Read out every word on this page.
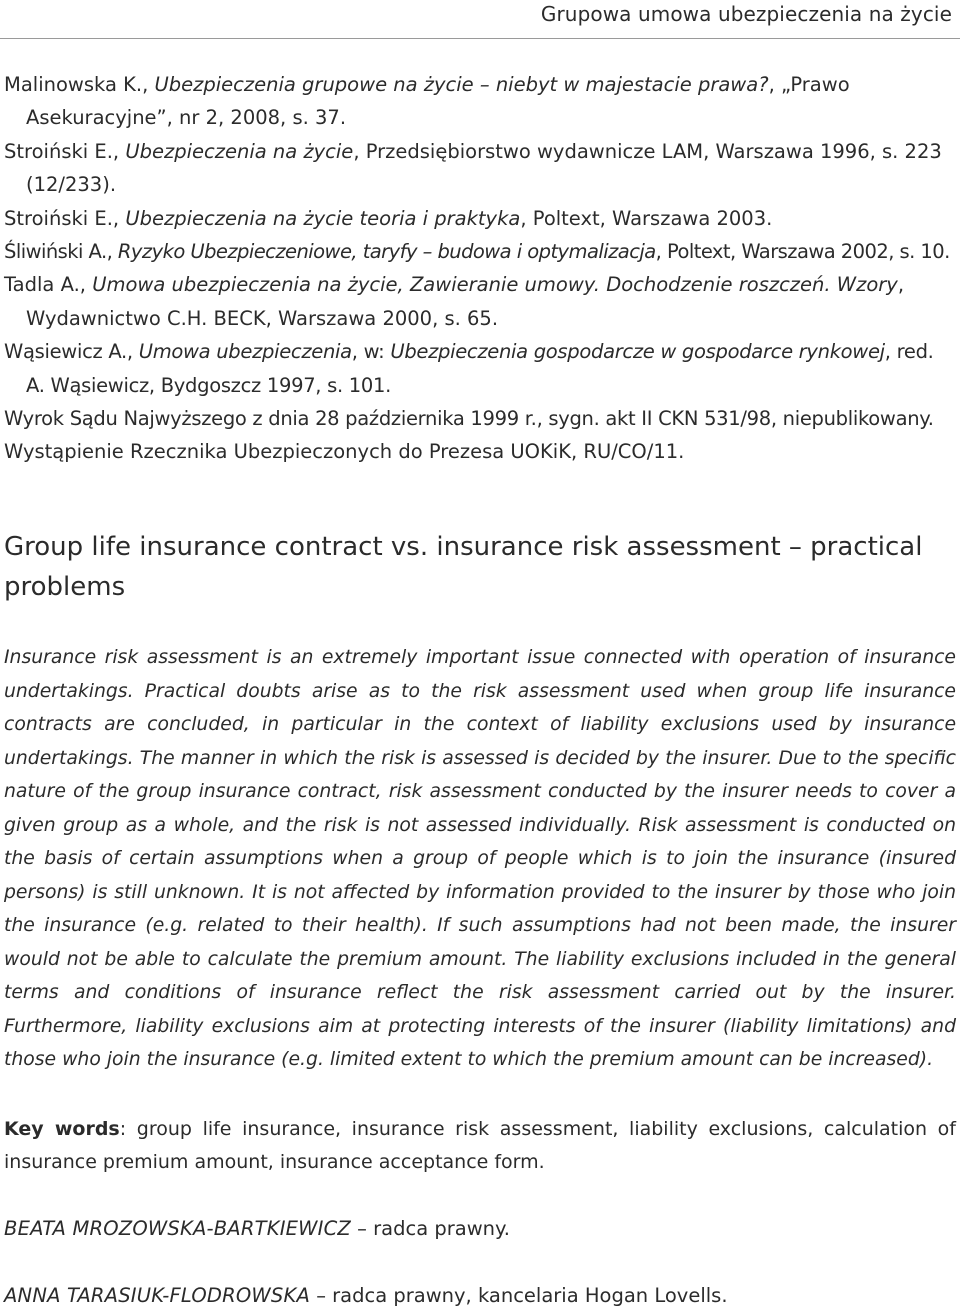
Grupowa umowa ubezpieczenia na życie

Malinowska K., Ubezpieczenia grupowe na życie – niebyt w majestacie prawa?, „Prawo Asekuracyjne”, nr 2, 2008, s. 37.

Stroiński E., Ubezpieczenia na życie, Przedsiębiorstwo wydawnicze LAM, Warszawa 1996, s. 223 (12/233).

Stroiński E., Ubezpieczenia na życie teoria i praktyka, Poltext, Warszawa 2003.

Śliwiński A., Ryzyko Ubezpieczeniowe, taryfy – budowa i optymalizacja, Poltext, Warszawa 2002, s. 10.

Tadla A., Umowa ubezpieczenia na życie, Zawieranie umowy. Dochodzenie roszczeń. Wzory, Wydawnictwo C.H. BECK, Warszawa 2000, s. 65.

Wąsiewicz A., Umowa ubezpieczenia, w: Ubezpieczenia gospodarcze w gospodarce rynkowej, red. A. Wąsiewicz, Bydgoszcz 1997, s. 101.

Wyrok Sądu Najwyższego z dnia 28 października 1999 r., sygn. akt II CKN 531/98, niepublikowany.

Wystąpienie Rzecznika Ubezpieczonych do Prezesa UOKiK, RU/CO/11.

Group life insurance contract vs. insurance risk assessment – practical problems

Insurance risk assessment is an extremely important issue connected with operation of insurance undertakings. Practical doubts arise as to the risk assessment used when group life insurance contracts are concluded, in particular in the context of liability exclusions used by insurance undertakings. The manner in which the risk is assessed is decided by the insurer. Due to the specific nature of the group insurance contract, risk assessment conducted by the insurer needs to cover a given group as a whole, and the risk is not assessed individually. Risk assessment is conducted on the basis of certain assumptions when a group of people which is to join the insurance (insured persons) is still unknown. It is not affected by information provided to the insurer by those who join the insurance (e.g. related to their health). If such assumptions had not been made, the insurer would not be able to calculate the premium amount. The liability exclusions included in the general terms and conditions of insurance reflect the risk assessment carried out by the insurer. Furthermore, liability exclusions aim at protecting interests of the insurer (liability limitations) and those who join the insurance (e.g. limited extent to which the premium amount can be increased).

Key words: group life insurance, insurance risk assessment, liability exclusions, calculation of insurance premium amount, insurance acceptance form.

BEATA MROZOWSKA-BARTKIEWICZ – radca prawny.

ANNA TARASIUK-FLODROWSKA – radca prawny, kancelaria Hogan Lovells.
